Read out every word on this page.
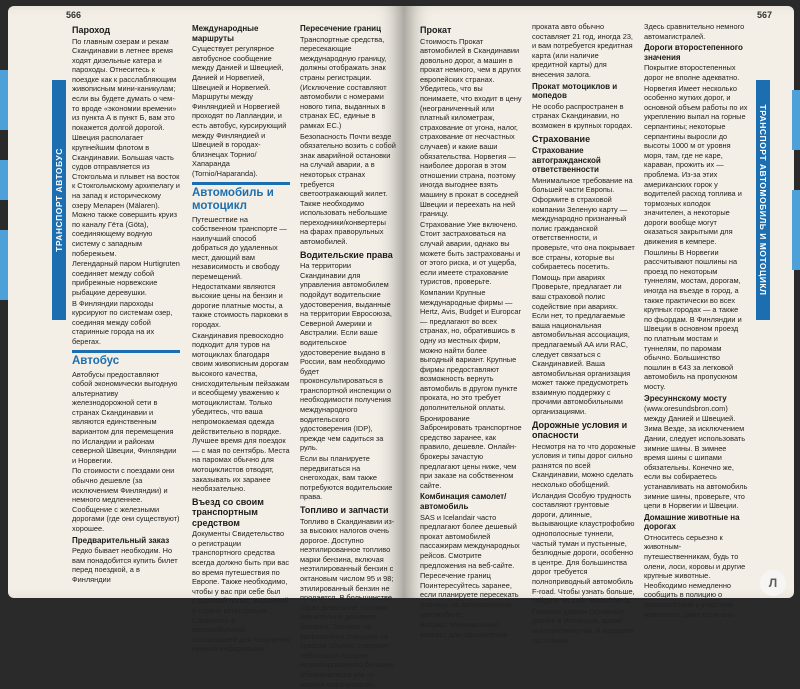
566
Пароход

По главным озерам и рекам Скандинавии в летнее время ходят дизельные катера и пароходы. Отнеситесь к поездке как к расслабляющим живописным мини-каникулам; если вы будете думать о чем-то вроде «экономии времени» из пункта А в пункт Б, вам это покажется долгой дорогой.

Швеция располагает крупнейшим флотом в Скандинавии. Большая часть судов отправляется из Стокгольма и плывет на восток к Стокгольмскому архипелагу и на запад к историческому озеру Меларен (Mälaren). Можно также совершить круиз по каналу Гёта (Göta), соединяющему водную систему с западным побережьем.

Легендарный паром Hurtigruten соединяет между собой прибрежные норвежские рыбацкие деревушки.

В Финляндии пароходы курсируют по системам озер, соединяя между собой старинные города на их берегах.

Автобус

Автобусы предоставляют собой экономически выгодную альтернативу железнодорожной сети в странах Скандинавии и являются единственным вариантом для перемещения по Исландии и районам северной Швеции, Финляндии и Норвегии.

По стоимости с поездами они обычно дешевле (за исключением Финляндии) и немного медленнее. Сообщение с железными дорогами (где они существуют) хорошее.

Предварительный заказ

Редко бывает необходим. Но вам понадобится купить билет перед поездкой, а в Финляндии

Международные маршруты

Существует регулярное автобусное сообщение между Данией и Швецией, Данией и Норвегией, Швецией и Норвегией. Маршруты между Финляндией и Норвегией проходят по Лапландии, и есть автобус, курсирующий между Финляндией и Швецией в городах-близнецах Торнио/Хапаранда (Tornio/Haparanda).

Автомобиль и мотоцикл

Путешествие на собственном транспорте — наилучший способ добраться до удаленных мест, дающий вам независимость и свободу перемещений. Недостатками являются высокие цены на бензин и дорогие платные мосты, а также стоимость парковки в городах.

Скандинавия превосходно подходит для туров на мотоциклах благодаря своим живописным дорогам высокого качества, снисходительным пейзажам и всеобщему уважению к мотоциклистам. Только убедитесь, что ваша непромокаемая одежда действительно в порядке. Лучшее время для поездок — с мая по сентябрь. Места на паромах обычно для мотоциклистов отводят, заказывать их заранее необязательно.

Въезд со своим транспортным средством

Документы Свидетельство о регистрации транспортного средства всегда должно быть при вас во время путешествия по Европе. Также необходимо, чтобы у вас при себе был страховой полис, выданный в стране регистрации. Свяжитесь с автомобильной ассоциацией для получения нужной информации.

Пересечение границ

Транспортные средства, пересекающие международную границу, должны отображать знак страны регистрации. (Исключение составляют автомобили с номерами нового типа, выданных в странах ЕС, единые в рамках ЕС.)

Безопасность Почти везде обязательно возить с собой знак аварийной остановки на случай аварии, а в некоторых странах требуется светоотражающий жилет. Также необходимо использовать небольшие переходники/конвертеры на фарах праворульных автомобилей.

Водительские права

На территории Скандинавии для управления автомобилем подойдут водительские удостоверения, выданные на территории Евросоюза, Северной Америки и Австралии. Если ваше водительское удостоверение выдано в России, вам необходимо будет проконсультироваться в транспортной инспекции о необходимости получения международного водительского удостоверения (IDP), прежде чем садиться за руль.

Если вы планируете передвигаться на снегоходах, вам также потребуются водительские права.

Топливо и запчасти

Топливо в Скандинавии из-за высоких налогов очень дорогое. Доступно неэтилированное топливо марки бензина, включая неэтилированный бензин с октановым числом 95 и 98; этилированный бензин не продается. В большинстве стран дизельное топливо значительно дешевле бензина. Топливо на заправочных станциях на трассах обычно содержит небольшой процент неэтилированного бензина, обозначаемого как «с черной маркировкой».

567
Прокат

Стоимость Прокат автомобилей в Скандинавии довольно дорог, а машин в прокат немного, чем в других европейских странах. Убедитесь, что вы понимаете, что входит в цену (неограниченный или платный километраж, страхование от угона, налог, страхование от несчастных случаев) и какие ваши обязательства. Норвегия — наиболее дорогая в этом отношении страна, поэтому иногда выгоднее взять машину в прокат в соседней Швеции и переехать на ней границу.

Страхование Уже включено. Стоит застраховаться на случай аварии, однако вы можете быть застрахованы и от этого риска, и от ущерба, если имеете страхование туристов, проверьте.

Компании Крупные международные фирмы — Hertz, Avis, Budget и Europcar — предлагают во всех странах, но, обратившись в одну из местных фирм, можно найти более выгодный вариант. Крупные фирмы предоставляют возможность вернуть автомобиль в другом пункте проката, но это требует дополнительной оплаты.

Бронирование Забронировать транспортное средство заранее, как правило, дешевле. Онлайн-брокеры зачастую предлагают цены ниже, чем при заказе на собственном сайте.

Комбинация самолет/автомобиль

SAS и Icelandair часто предлагают более дешевый прокат автомобилей пассажирам международных рейсов. Смотрите предложения на веб-сайте.

Пересечение границ Поинтересуйтесь заранее, если планируете пересекать границы на арендованном автомобиле.

Возраст Минимальный возраст для оформления

проката авто обычно составляет 21 год, иногда 23, и вам потребуется кредитная карта (или наличие кредитной карты) для внесения залога.

Прокат мотоциклов и мопедов

Не особо распространен в странах Скандинавии, но возможен в крупных городах.

Страхование
Страхование автогражданской ответственности

Минимальное требование на большей части Европы. Оформите в страховой компании Зеленую карту — международно признанный полис гражданской ответственности, и проверьте, что она покрывает все страны, которые вы собираетесь посетить.

Помощь при авариях Проверьте, предлагает ли ваш страховой полис содействие при авариях. Если нет, то предлагаемые ваша национальная автомобильная ассоциация, предлагаемый AA или RAC, следует связаться с Скандинавией. Ваша автомобильная организация может также предусмотреть взаимную поддержку с прочими автомобильными организациями.

Дорожные условия и опасности

Несмотря на то что дорожные условия и типы дорог сильно разнятся по всей Скандинавии, можно сделать несколько обобщений.

Исландия Особую трудность составляют грунтовые дороги, длинные, вызывающие клаустрофобию однополосные туннели, частый туман и пустынные, безлюдные дороги, особенно в центре. Для большинства дорог требуется полноприводный автомобиль F-road. Чтобы узнать больше, зайдите на сайт www.drive.is.

Главные дороги Основные дороги в Исландии, кроме вышеупомянутых, в хорошем состоянии.

Здесь сравнительно немного автомагистралей.

Дороги второстепенного значения

Покрытие второстепенных дорог не вполне адекватно.

Норвегия Имеет несколько особенно жутких дорог, и основной объем работы по их укреплению выпал на горные серпантины; некоторые серпантины выросли до высоты 1000 м от уровня моря, там, где не каре, караван, прожить их — проблема. Из-за этих американских горок у водителей расход топлива и тормозных колодок значителен, а некоторые дороги вообще могут оказаться закрытыми для движения в кемпере.

Пошлины В Норвегии рассчитывают пошлины на проезд по некоторым туннелям, мостам, дорогам, иногда на въезде в город, а также практически во всех крупных городах — а также по фьордам. В Финляндии и Швеции в основном проезд по платным мостам и туннелям, по паромам обычно. Большинство пошлин в €43 за легковой автомобиль на пропускном мосту.

Эресуннскому мосту

(www.oresundsbron.com) между Данией и Швецией.

Зима Везде, за исключением Дании, следует использовать зимние шины. В зимнее время шины с шипами обязательны. Конечно же, если вы собираетесь устанавливать на автомобиль зимние шины, проверьте, что цепи в Норвегии и Швеции.

Домашние животные на дорогах

Относитесь серьезно к животным-путешественникам, будь то олени, лоси, коровы и другие крупные животные. Необходимо немедленно сообщить в полицию о происшествии с участием животного, даже если оно

ТРАНСПОРТ АВТОБУС	ТРАНСПОРТ АВТОМОБИЛЬ И МОТОЦИКЛ
Л
